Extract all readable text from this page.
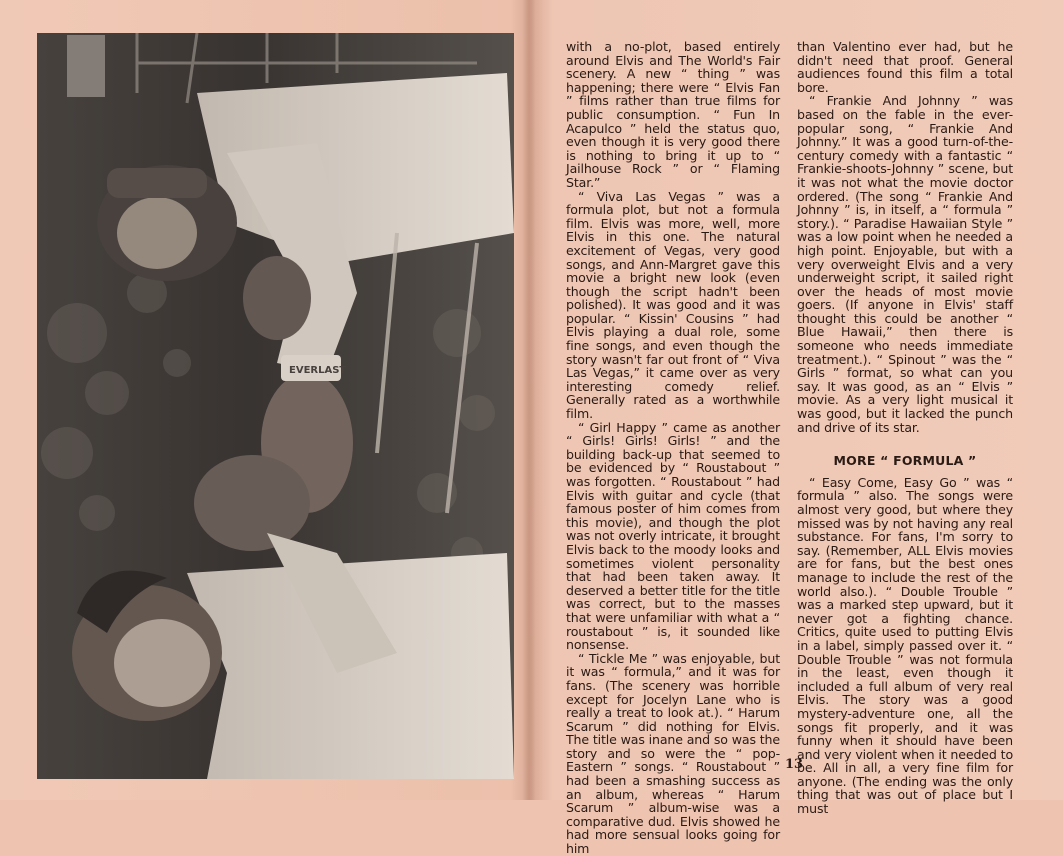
EVERLAST

with a no-plot, based entirely around Elvis and The World's Fair scenery. A new “ thing ” was happening; there were “ Elvis Fan ” films rather than true films for public consumption. “ Fun In Acapulco ” held the status quo, even though it is very good there is nothing to bring it up to “ Jailhouse Rock ” or “ Flaming Star.”

“ Viva Las Vegas ” was a formula plot, but not a formula film. Elvis was more, well, more Elvis in this one. The natural excitement of Vegas, very good songs, and Ann-Margret gave this movie a bright new look (even though the script hadn't been polished). It was good and it was popular. “ Kissin' Cousins ” had Elvis playing a dual role, some fine songs, and even though the story wasn't far out front of “ Viva Las Vegas,” it came over as very interesting comedy relief. Generally rated as a worthwhile film.

“ Girl Happy ” came as another “ Girls! Girls! Girls! ” and the building back-up that seemed to be evidenced by “ Roustabout ” was forgotten. “ Roustabout ” had Elvis with guitar and cycle (that famous poster of him comes from this movie), and though the plot was not overly intricate, it brought Elvis back to the moody looks and sometimes violent personality that had been taken away. It deserved a better title for the title was correct, but to the masses that were unfamiliar with what a “ roustabout ” is, it sounded like nonsense.

“ Tickle Me ” was enjoyable, but it was “ formula,” and it was for fans. (The scenery was horrible except for Jocelyn Lane who is really a treat to look at.). “ Harum Scarum ” did nothing for Elvis. The title was inane and so was the story and so were the “ pop-Eastern ” songs. “ Roustabout ” had been a smashing success as an album, whereas “ Harum Scarum ” album-wise was a comparative dud. Elvis showed he had more sensual looks going for him

than Valentino ever had, but he didn't need that proof. General audiences found this film a total bore.

“ Frankie And Johnny ” was based on the fable in the ever-popular song, “ Frankie And Johnny.” It was a good turn-of-the-century comedy with a fantastic “ Frankie-shoots-Johnny ” scene, but it was not what the movie doctor ordered. (The song “ Frankie And Johnny ” is, in itself, a “ formula ” story.). “ Paradise Hawaiian Style ” was a low point when he needed a high point. Enjoyable, but with a very overweight Elvis and a very underweight script, it sailed right over the heads of most movie goers. (If anyone in Elvis' staff thought this could be another “ Blue Hawaii,” then there is someone who needs immediate treatment.). “ Spinout ” was the “ Girls ” format, so what can you say. It was good, as an “ Elvis ” movie. As a very light musical it was good, but it lacked the punch and drive of its star.

MORE “ FORMULA ”

“ Easy Come, Easy Go ” was “ formula ” also. The songs were almost very good, but where they missed was by not having any real substance. For fans, I'm sorry to say. (Remember, ALL Elvis movies are for fans, but the best ones manage to include the rest of the world also.). “ Double Trouble ” was a marked step upward, but it never got a fighting chance. Critics, quite used to putting Elvis in a label, simply passed over it. “ Double Trouble ” was not formula in the least, even though it included a full album of very real Elvis. The story was a good mystery-adventure one, all the songs fit properly, and it was funny when it should have been and very violent when it needed to be. All in all, a very fine film for anyone. (The ending was the only thing that was out of place but I must

13
